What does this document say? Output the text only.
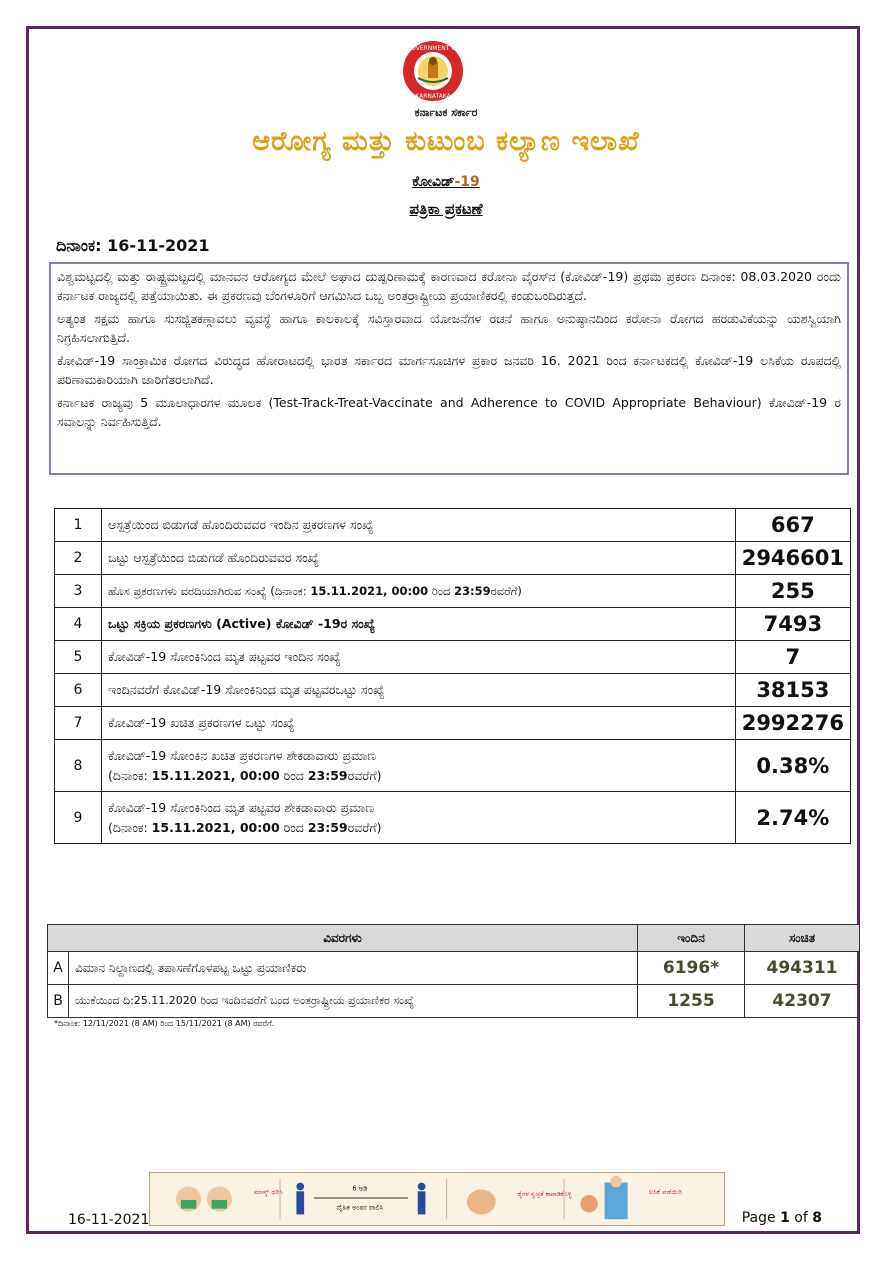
GOVERNMENT OF
KARNATAKA
ಕರ್ನಾಟಕ ಸರ್ಕಾರ
ಆರೋಗ್ಯ ಮತ್ತು ಕುಟುಂಬ ಕಲ್ಯಾಣ ಇಲಾಖೆ
ಕೋವಿಡ್-19
ಪತ್ರಿಕಾ ಪ್ರಕಟಣೆ
ದಿನಾಂಕ: 16-11-2021

ವಿಶ್ವಮಟ್ಟದಲ್ಲಿ ಮತ್ತು ರಾಷ್ಟ್ರಮಟ್ಟದಲ್ಲಿ ಮಾನವನ ಆರೋಗ್ಯದ ಮೇಲೆ ಅಘಾದ ದುಷ್ಪರಿಣಾಮಕ್ಕೆ ಕಾರಣವಾದ ಕರೋನಾ ವೈರಸ್‍ನ (ಕೋವಿಡ್-19) ಪ್ರಥಮ ಪ್ರಕರಣ ದಿನಾಂಕ: 08.03.2020 ರಂದು ಕರ್ನಾಟಕ ರಾಜ್ಯದಲ್ಲಿ ಪತ್ತೆಯಾಯಿತು. ಈ ಪ್ರಕರಣವು ಬೆಂಗಳೂರಿಗೆ ಆಗಮಿಸಿದ ಒಬ್ಬ ಅಂತರ್‍ರಾಷ್ಟ್ರೀಯ ಪ್ರಯಾಣಿಕರಲ್ಲಿ ಕಂಡುಬಂದಿರುತ್ತದೆ.

ಅತ್ಯಂತ ಸಕ್ಷಮ ಹಾಗೂ ಸುಸಜ್ಜಿತಕಣ್ಗಾವಲು ವ್ಯವಸ್ಥೆ ಹಾಗೂ ಕಾಲಕಾಲಕ್ಕೆ ಸವಿಸ್ತಾರವಾದ ಯೋಜನೆಗಳ ರಚನೆ ಹಾಗೂ ಅನುಷ್ಠಾನದಿಂದ ಕರೋನಾ ರೋಗದ ಹರಡುವಿಕೆಯನ್ನು ಯಶಸ್ವಿಯಾಗಿ ನಿಗ್ರಹಿಸಲಾಗುತ್ತಿದೆ.

ಕೋವಿಡ್-19 ಸಾಂಕ್ರಾಮಿಕ ರೋಗದ ವಿರುದ್ಧದ ಹೋರಾಟದಲ್ಲಿ ಭಾರತ ಸರ್ಕಾರದ ಮಾರ್ಗಸೂಚಿಗಳ ಪ್ರಕಾರ ಜನವರಿ 16. 2021 ರಿಂದ ಕರ್ನಾಟಕದಲ್ಲಿ ಕೋವಿಡ್-19 ಲಸಿಕೆಯ ರೂಪದಲ್ಲಿ ಪರಿಣಾಮಕಾರಿಯಾಗಿ ಜಾರಿಗೆತರಲಾಗಿದೆ.

ಕರ್ನಾಟಕ ರಾಜ್ಯವು 5 ಮೂಲಾಧಾರಗಳ ಮೂಲಕ (Test-Track-Treat-Vaccinate and Adherence to COVID Appropriate Behaviour) ಕೋವಿಡ್-19 ರ ಸವಾಲನ್ನು ನಿರ್ವಹಿಸುತ್ತಿದೆ.

1	ಆಸ್ಪತ್ರೆಯಿಂದ ಬಿಡುಗಡೆ ಹೊಂದಿರುವವರ ಇಂದಿನ ಪ್ರಕರಣಗಳ ಸಂಖ್ಯೆ	667
2	ಒಟ್ಟು ಆಸ್ಪತ್ರೆಯಿಂದ ಬಿಡುಗಡೆ ಹೊಂದಿರುವವರ ಸಂಖ್ಯೆ	2946601
3	ಹೊಸ ಪ್ರಕರಣಗಳು ವರದಿಯಾಗಿರುವ ಸಂಖ್ಯೆ (ದಿನಾಂಕ: 15.11.2021, 00:00 ರಿಂದ 23:59ರವರೆಗೆ)	255
4	ಒಟ್ಟು ಸಕ್ರಿಯ ಪ್ರಕರಣಗಳು (Active) ಕೋವಿಡ್ -19ರ ಸಂಖ್ಯೆ	7493
5	ಕೋವಿಡ್-19 ಸೋಂಕಿನಿಂದ ಮೃತ ಪಟ್ಟವರ ಇಂದಿನ ಸಂಖ್ಯೆ	7
6	ಇಂದಿನವರೆಗೆ ಕೋವಿಡ್-19 ಸೋಂಕಿನಿಂದ ಮೃತ ಪಟ್ಟವರಒಟ್ಟು ಸಂಖ್ಯೆ	38153
7	ಕೋವಿಡ್-19 ಖಚಿತ ಪ್ರಕರಣಗಳ ಒಟ್ಟು ಸಂಖ್ಯೆ	2992276
8	ಕೋವಿಡ್-19 ಸೋಂಕಿನ ಖಚಿತ ಪ್ರಕರಣಗಳ ಶೇಕಡಾವಾರು ಪ್ರಮಾಣ
(ದಿನಾಂಕ: 15.11.2021, 00:00 ರಿಂದ 23:59ರವರೆಗೆ)	0.38%
9	ಕೋವಿಡ್-19 ಸೋಂಕಿನಿಂದ ಮೃತ ಪಟ್ಟವರ ಶೇಕಡಾವಾರು ಪ್ರಮಾಣ
(ದಿನಾಂಕ: 15.11.2021, 00:00 ರಿಂದ 23:59ರವರೆಗೆ)	2.74%
ವಿವರಗಳು		ಇಂದಿನ	ಸಂಚಿತ
A	ವಿಮಾನ ನಿಲ್ದಾಣದಲ್ಲಿ ತಪಾಸಣೆಗೊಳಪಟ್ಟ ಒಟ್ಟು ಪ್ರಯಾಣಿಕರು	6196*	494311
B	ಯುಕೆಯಿಂದ ದಿ:25.11.2020 ರಿಂದ ಇಂದಿನವರೆಗೆ ಬಂದ ಅಂತರ್‍ರಾಷ್ಟ್ರೀಯ ಪ್ರಯಾಣಿಕರ ಸಂಖ್ಯೆ	1255	42307
*ದಿನಾಂಕ: 12/11/2021 (8 AM) ರಿಂದ 15/11/2021 (8 AM) ರವರೆಗೆ.
ಮಾಸ್ಕ್ ಧರಿಸಿ	6 ಅಡಿ
ದೈಹಿಕ ಅಂತರ ಪಾಲಿಸಿ
ಕೈಗಳ ಸ್ವಚ್ಛತೆ ಕಾಪಾಡಿಕೊಳ್ಳಿ	ಲಸಿಕೆ ಪಡೆಯಿರಿ
16-11-2021	Page 1 of 8
